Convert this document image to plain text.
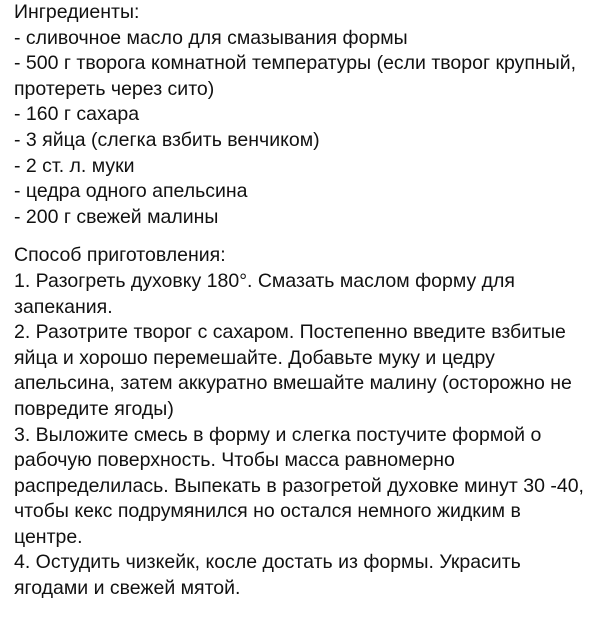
Ингредиенты:
- сливочное масло для смазывания формы
- 500 г творога комнатной температуры (если творог крупный, протереть через сито)
- 160 г сахара
- 3 яйца (слегка взбить венчиком)
- 2 ст. л. муки
- цедра одного апельсина
- 200 г свежей малины
Способ приготовления:
1. Разогреть духовку 180°. Смазать маслом форму для запекания.
2. Разотрите творог с сахаром. Постепенно введите взбитые яйца и хорошо перемешайте. Добавьте муку и цедру апельсина, затем аккуратно вмешайте малину (осторожно не повредите ягоды)
3. Выложите смесь в форму и слегка постучите формой о рабочую поверхность. Чтобы масса равномерно распределилась. Выпекать в разогретой духовке минут 30 -40, чтобы кекс подрумянился но остался немного жидким в центре.
4. Остудить чизкейк, косле достать из формы. Украсить ягодами и свежей мятой.
